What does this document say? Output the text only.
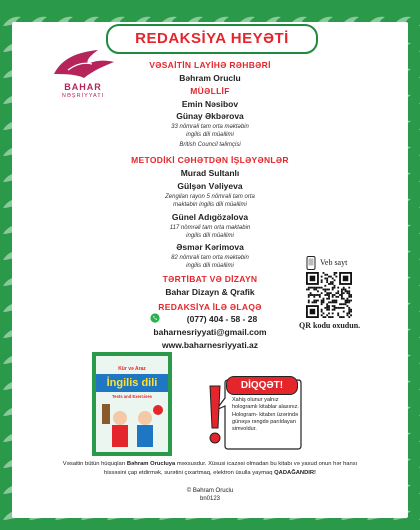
REDAKSİYA HEYƏTİ
BAHAR
NƏŞRİYYATI
VƏSAİTİN LAYİHƏ RƏHBƏRİ
Bəhram Oruclu
MÜƏLLİF
Emin Nəsibov
Günay Əkbərova
33 nömrəli tam orta məktəbin
ingilis dili müəllimi
British Council təlimçisi
METODİKİ CƏHƏTDƏN İŞLƏYƏNLƏR
Murad Sultanlı
Gülşən Vəliyeva
Zengilan rayon 5 nömrəli tam orta
məktəbin ingilis dili müəllimi
Günel Adıgözəlova
117 nömrəli tam orta məktəbin
ingilis dili müəllimi
Əsmər Kərimova
82 nömrəli tam orta məktəbin
ingilis dili müəllimi
TƏRTİBAT VƏ DİZAYN
Bahar Dizayn & Qrafik
REDAKSİYA İLƏ ƏLAQƏ
(077) 404 - 58 - 28
baharnesriyyati@gmail.com
www.baharnesriyyati.az
Veb sayt
QR kodu oxudun.
Kür və Araz
İngilis dili
Tests and Exercises
DİQQƏT!
Xahiş olunur yalnız hologramlı kitablar alasınız.
Hologram- kitabın üzərində günəşə rəngdə parıldayan simvoldur.
Vəsaitin bütün hüquqları Bəhram Orucluya məxsusdur. Xüsusi icazəsi olmadan bu kitabı və yaxud onun hər hansı hissəsini çap etdirmək, surətini çıxartmaq, elektron üsulla yaymaq QADAĞANDIR!
© Bəhram Oruclu
bn0123
